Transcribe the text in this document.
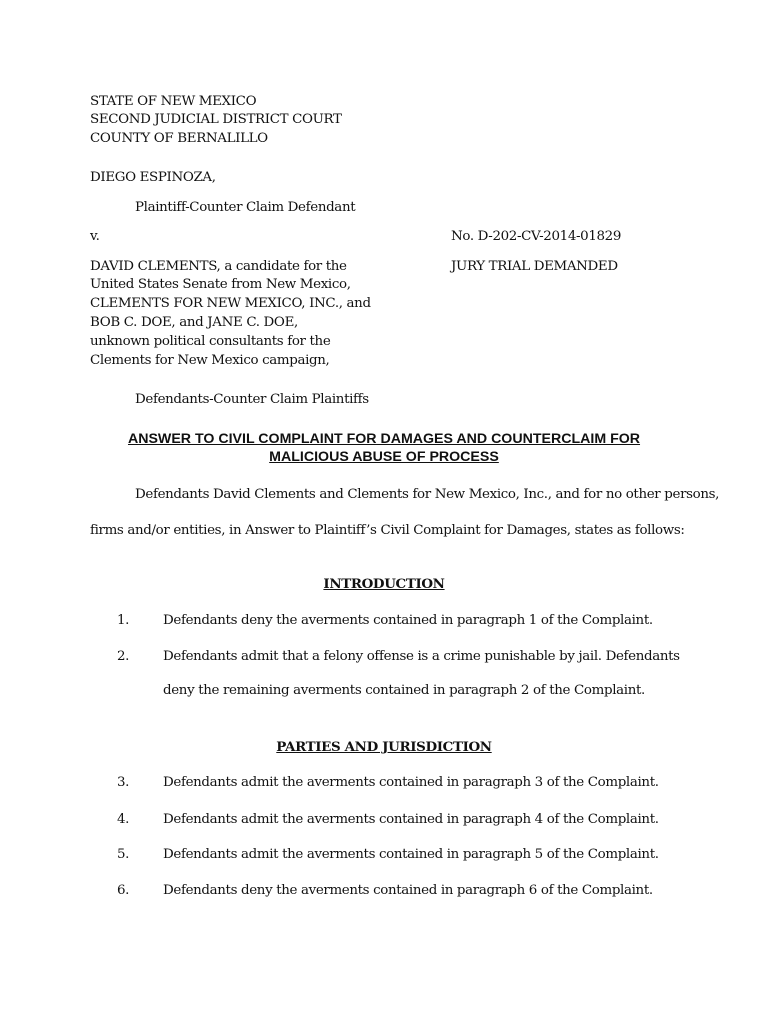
STATE OF NEW MEXICO
SECOND JUDICIAL DISTRICT COURT
COUNTY OF BERNALILLO
DIEGO ESPINOZA,
Plaintiff-Counter Claim Defendant
v.	No. D-202-CV-2014-01829
DAVID CLEMENTS, a candidate for the	JURY TRIAL DEMANDED
United States Senate from New Mexico,
CLEMENTS FOR NEW MEXICO, INC., and
BOB C. DOE, and JANE C. DOE,
unknown political consultants for the
Clements for New Mexico campaign,
Defendants-Counter Claim Plaintiffs
ANSWER TO CIVIL COMPLAINT FOR DAMAGES AND COUNTERCLAIM FOR
MALICIOUS ABUSE OF PROCESS
Defendants David Clements and Clements for New Mexico, Inc., and for no other persons,
firms and/or entities, in Answer to Plaintiff’s Civil Complaint for Damages, states as follows:
INTRODUCTION
1.	Defendants deny the averments contained in paragraph 1 of the Complaint.
2.	Defendants admit that a felony offense is a crime punishable by jail. Defendants
deny the remaining averments contained in paragraph 2 of the Complaint.
PARTIES AND JURISDICTION
3.	Defendants admit the averments contained in paragraph 3 of the Complaint.
4.	Defendants admit the averments contained in paragraph 4 of the Complaint.
5.	Defendants admit the averments contained in paragraph 5 of the Complaint.
6.	Defendants deny the averments contained in paragraph 6 of the Complaint.
